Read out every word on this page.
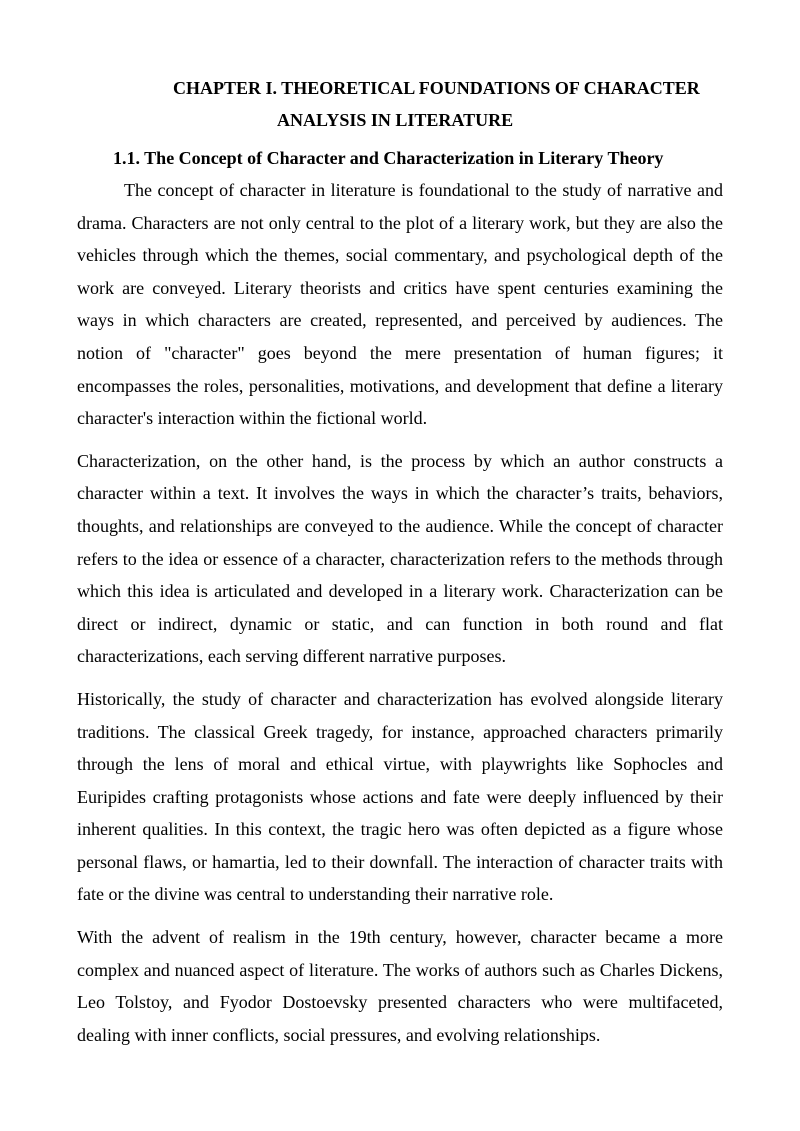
CHAPTER I. THEORETICAL FOUNDATIONS OF CHARACTER
ANALYSIS IN LITERATURE
1.1. The Concept of Character and Characterization in Literary Theory

The concept of character in literature is foundational to the study of narrative and drama. Characters are not only central to the plot of a literary work, but they are also the vehicles through which the themes, social commentary, and psychological depth of the work are conveyed. Literary theorists and critics have spent centuries examining the ways in which characters are created, represented, and perceived by audiences. The notion of "character" goes beyond the mere presentation of human figures; it encompasses the roles, personalities, motivations, and development that define a literary character's interaction within the fictional world.

Characterization, on the other hand, is the process by which an author constructs a character within a text. It involves the ways in which the character’s traits, behaviors, thoughts, and relationships are conveyed to the audience. While the concept of character refers to the idea or essence of a character, characterization refers to the methods through which this idea is articulated and developed in a literary work. Characterization can be direct or indirect, dynamic or static, and can function in both round and flat characterizations, each serving different narrative purposes.

Historically, the study of character and characterization has evolved alongside literary traditions. The classical Greek tragedy, for instance, approached characters primarily through the lens of moral and ethical virtue, with playwrights like Sophocles and Euripides crafting protagonists whose actions and fate were deeply influenced by their inherent qualities. In this context, the tragic hero was often depicted as a figure whose personal flaws, or hamartia, led to their downfall. The interaction of character traits with fate or the divine was central to understanding their narrative role.

With the advent of realism in the 19th century, however, character became a more complex and nuanced aspect of literature. The works of authors such as Charles Dickens, Leo Tolstoy, and Fyodor Dostoevsky presented characters who were multifaceted, dealing with inner conflicts, social pressures, and evolving relationships.
